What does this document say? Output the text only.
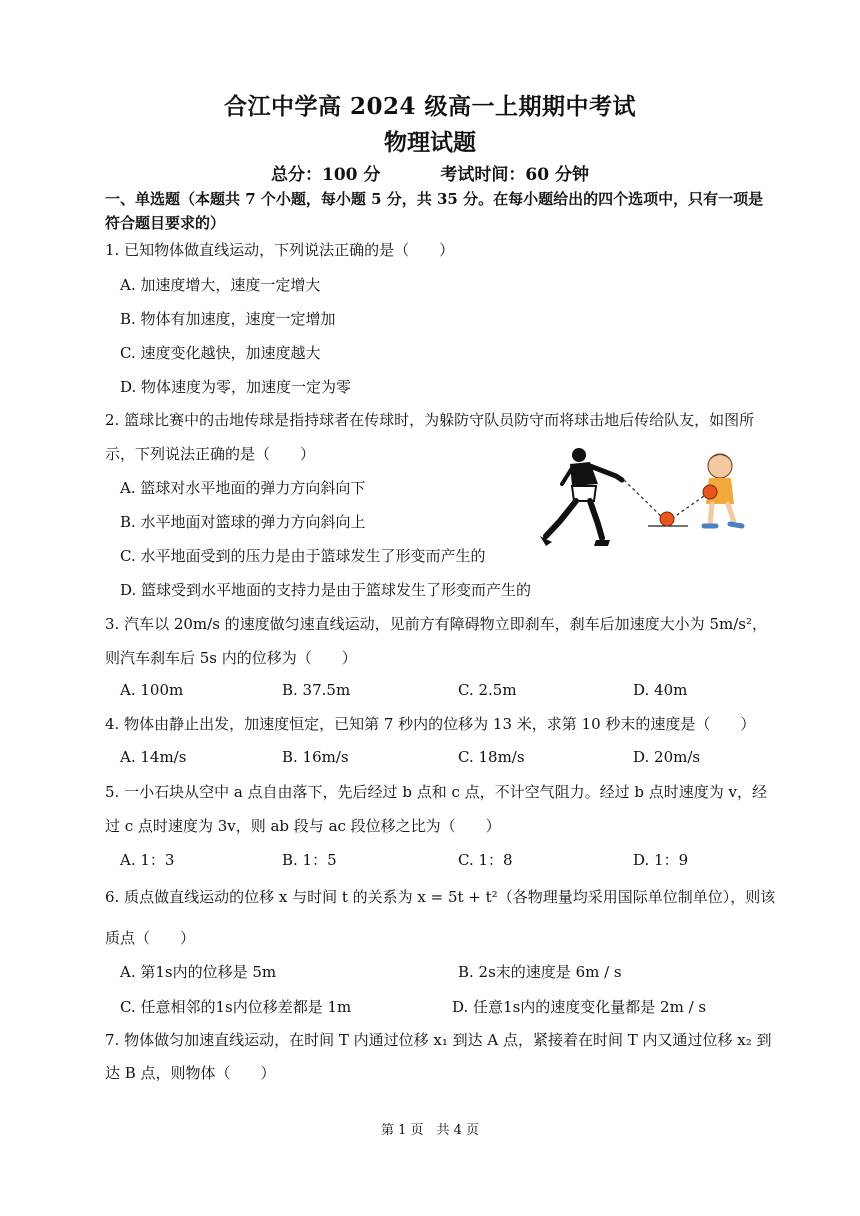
合江中学高 2024 级高一上期期中考试
物理试题
总分：100 分	考试时间：60 分钟
一、单选题（本题共 7 个小题，每小题 5 分，共 35 分。在每小题给出的四个选项中，只有一项是
符合题目要求的）
1. 已知物体做直线运动，下列说法正确的是（　　）
A. 加速度增大，速度一定增大
B. 物体有加速度，速度一定增加
C. 速度变化越快，加速度越大
D. 物体速度为零，加速度一定为零
2. 篮球比赛中的击地传球是指持球者在传球时，为躲防守队员防守而将球击地后传给队友，如图所
示，下列说法正确的是（　　）
A. 篮球对水平地面的弹力方向斜向下
B. 水平地面对篮球的弹力方向斜向上
C. 水平地面受到的压力是由于篮球发生了形变而产生的
D. 篮球受到水平地面的支持力是由于篮球发生了形变而产生的
3. 汽车以 20m/s 的速度做匀速直线运动，见前方有障碍物立即刹车，刹车后加速度大小为 5m/s²，
则汽车刹车后 5s 内的位移为（　　）
A. 100m	B. 37.5m	C. 2.5m	D. 40m
4. 物体由静止出发，加速度恒定，已知第 7 秒内的位移为 13 米，求第 10 秒末的速度是（　　）
A. 14m/s	B. 16m/s	C. 18m/s	D. 20m/s
5. 一小石块从空中 a 点自由落下，先后经过 b 点和 c 点，不计空气阻力。经过 b 点时速度为 v，经
过 c 点时速度为 3v，则 ab 段与 ac 段位移之比为（　　）
A. 1：3	B. 1：5	C. 1：8	D. 1：9
6. 质点做直线运动的位移 x 与时间 t 的关系为 x = 5t + t²（各物理量均采用国际单位制单位），则该
质点（　　）
A. 第1s内的位移是 5m	B. 2s末的速度是 6m / s
C. 任意相邻的1s内位移差都是 1m	D. 任意1s内的速度变化量都是 2m / s
7. 物体做匀加速直线运动，在时间 T 内通过位移 x₁ 到达 A 点，紧接着在时间 T 内又通过位移 x₂ 到
达 B 点，则物体（　　）
第 1 页　共 4 页
